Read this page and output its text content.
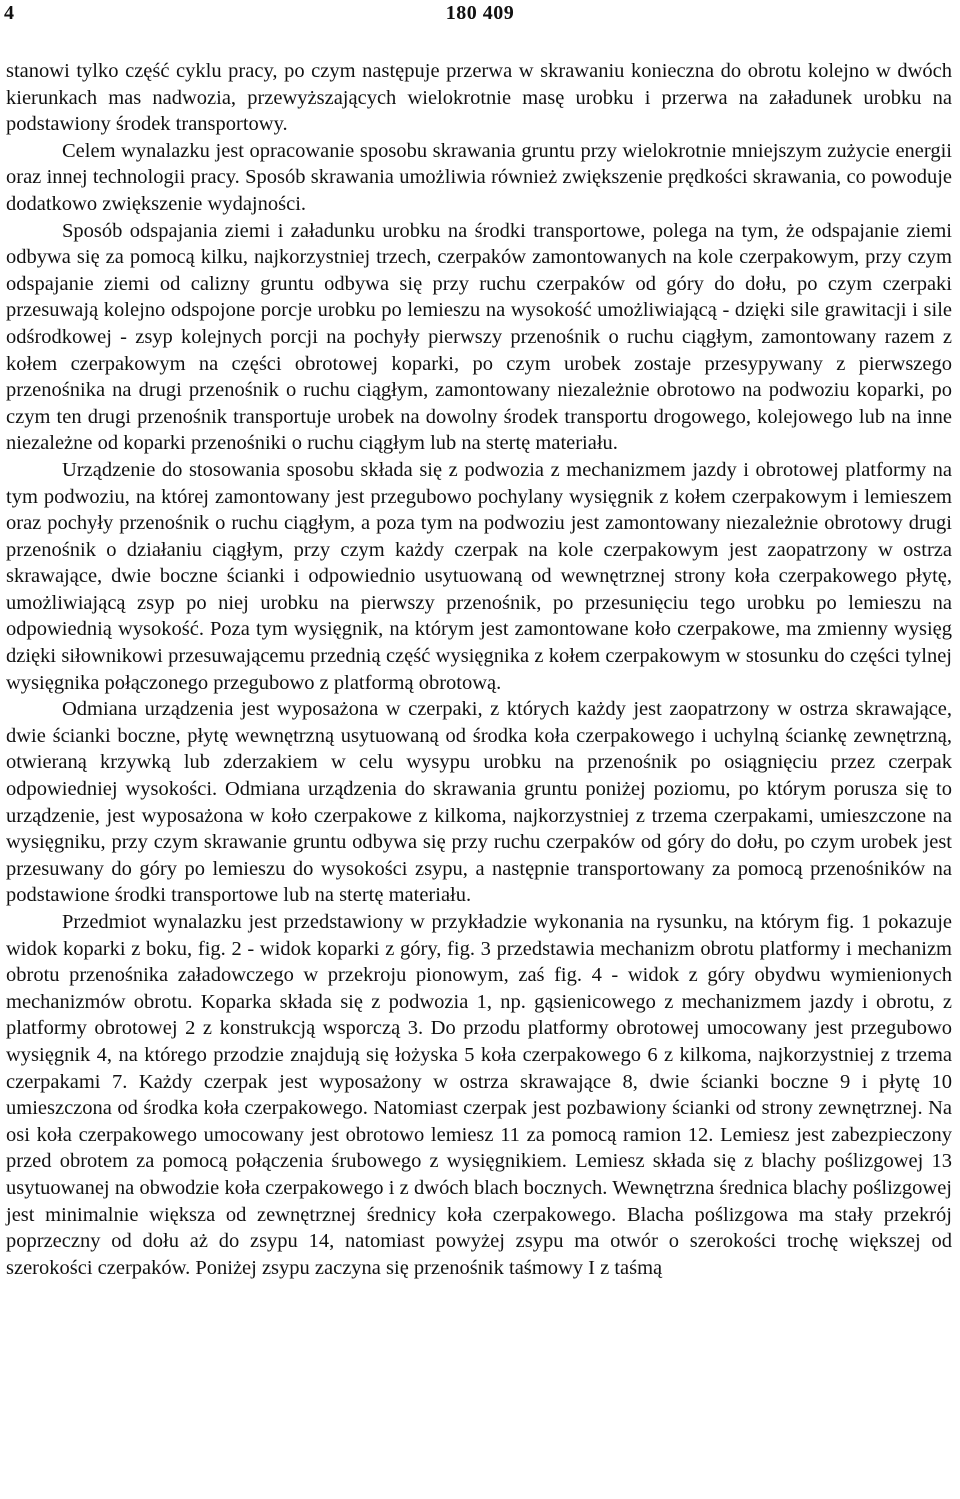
4	180 409

stanowi tylko część cyklu pracy, po czym następuje przerwa w skrawaniu konieczna do obrotu kolejno w dwóch kierunkach mas nadwozia, przewyższających wielokrotnie masę urobku i przerwa na załadunek urobku na podstawiony środek transportowy.

Celem wynalazku jest opracowanie sposobu skrawania gruntu przy wielokrotnie mniejszym zużycie energii oraz innej technologii pracy. Sposób skrawania umożliwia również zwiększenie prędkości skrawania, co powoduje dodatkowo zwiększenie wydajności.

Sposób odspajania ziemi i załadunku urobku na środki transportowe, polega na tym, że odspajanie ziemi odbywa się za pomocą kilku, najkorzystniej trzech, czerpaków zamontowanych na kole czerpakowym, przy czym odspajanie ziemi od calizny gruntu odbywa się przy ruchu czerpaków od góry do dołu, po czym czerpaki przesuwają kolejno odspojone porcje urobku po lemieszu na wysokość umożliwiającą - dzięki sile grawitacji i sile odśrodkowej - zsyp kolejnych porcji na pochyły pierwszy przenośnik o ruchu ciągłym, zamontowany razem z kołem czerpakowym na części obrotowej koparki, po czym urobek zostaje przesypywany z pierwszego przenośnika na drugi przenośnik o ruchu ciągłym, zamontowany niezależnie obrotowo na podwoziu koparki, po czym ten drugi przenośnik transportuje urobek na dowolny środek transportu drogowego, kolejowego lub na inne niezależne od koparki przenośniki o ruchu ciągłym lub na stertę materiału.

Urządzenie do stosowania sposobu składa się z podwozia z mechanizmem jazdy i obrotowej platformy na tym podwoziu, na której zamontowany jest przegubowo pochylany wysięgnik z kołem czerpakowym i lemieszem oraz pochyły przenośnik o ruchu ciągłym, a poza tym na podwoziu jest zamontowany niezależnie obrotowy drugi przenośnik o działaniu ciągłym, przy czym każdy czerpak na kole czerpakowym jest zaopatrzony w ostrza skrawające, dwie boczne ścianki i odpowiednio usytuowaną od wewnętrznej strony koła czerpakowego płytę, umożliwiającą zsyp po niej urobku na pierwszy przenośnik, po przesunięciu tego urobku po lemieszu na odpowiednią wysokość. Poza tym wysięgnik, na którym jest zamontowane koło czerpakowe, ma zmienny wysięg dzięki siłownikowi przesuwającemu przednią część wysięgnika z kołem czerpakowym w stosunku do części tylnej wysięgnika połączonego przegubowo z platformą obrotową.

Odmiana urządzenia jest wyposażona w czerpaki, z których każdy jest zaopatrzony w ostrza skrawające, dwie ścianki boczne, płytę wewnętrzną usytuowaną od środka koła czerpakowego i uchylną ściankę zewnętrzną, otwieraną krzywką lub zderzakiem w celu wysypu urobku na przenośnik po osiągnięciu przez czerpak odpowiedniej wysokości. Odmiana urządzenia do skrawania gruntu poniżej poziomu, po którym porusza się to urządzenie, jest wyposażona w koło czerpakowe z kilkoma, najkorzystniej z trzema czerpakami, umieszczone na wysięgniku, przy czym skrawanie gruntu odbywa się przy ruchu czerpaków od góry do dołu, po czym urobek jest przesuwany do góry po lemieszu do wysokości zsypu, a następnie transportowany za pomocą przenośników na podstawione środki transportowe lub na stertę materiału.

Przedmiot wynalazku jest przedstawiony w przykładzie wykonania na rysunku, na którym fig. 1 pokazuje widok koparki z boku, fig. 2 - widok koparki z góry, fig. 3 przedstawia mechanizm obrotu platformy i mechanizm obrotu przenośnika załadowczego w przekroju pionowym, zaś fig. 4 - widok z góry obydwu wymienionych mechanizmów obrotu. Koparka składa się z podwozia 1, np. gąsienicowego z mechanizmem jazdy i obrotu, z platformy obrotowej 2 z konstrukcją wsporczą 3. Do przodu platformy obrotowej umocowany jest przegubowo wysięgnik 4, na którego przodzie znajdują się łożyska 5 koła czerpakowego 6 z kilkoma, najkorzystniej z trzema czerpakami 7. Każdy czerpak jest wyposażony w ostrza skrawające 8, dwie ścianki boczne 9 i płytę 10 umieszczona od środka koła czerpakowego. Natomiast czerpak jest pozbawiony ścianki od strony zewnętrznej. Na osi koła czerpakowego umocowany jest obrotowo lemiesz 11 za pomocą ramion 12. Lemiesz jest zabezpieczony przed obrotem za pomocą połączenia śrubowego z wysięgnikiem. Lemiesz składa się z blachy poślizgowej 13 usytuowanej na obwodzie koła czerpakowego i z dwóch blach bocznych. Wewnętrzna średnica blachy poślizgowej jest minimalnie większa od zewnętrznej średnicy koła czerpakowego. Blacha poślizgowa ma stały przekrój poprzeczny od dołu aż do zsypu 14, natomiast powyżej zsypu ma otwór o szerokości trochę większej od szerokości czerpaków. Poniżej zsypu zaczyna się przenośnik taśmowy I z taśmą
